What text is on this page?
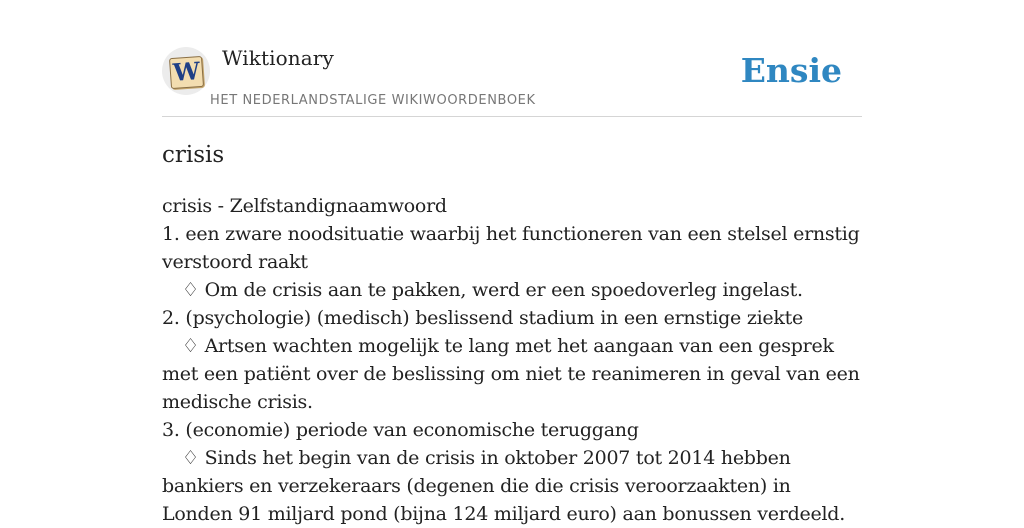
W Wiktionary
HET NEDERLANDSTALIGE WIKIWOORDENBOEK
Ensie
crisis

crisis - Zelfstandignaamwoord

1. een zware noodsituatie waarbij het functioneren van een stelsel ernstig verstoord raakt

♢ Om de crisis aan te pakken, werd er een spoedoverleg ingelast.

2. (psychologie) (medisch) beslissend stadium in een ernstige ziekte

♢ Artsen wachten mogelijk te lang met het aangaan van een gesprek met een patiënt over de beslissing om niet te reanimeren in geval van een medische crisis.

3. (economie) periode van economische teruggang

♢ Sinds het begin van de crisis in oktober 2007 tot 2014 hebben bankiers en verzekeraars (degenen die die crisis veroorzaakten) in Londen 91 miljard pond (bijna 124 miljard euro) aan bonussen verdeeld.
